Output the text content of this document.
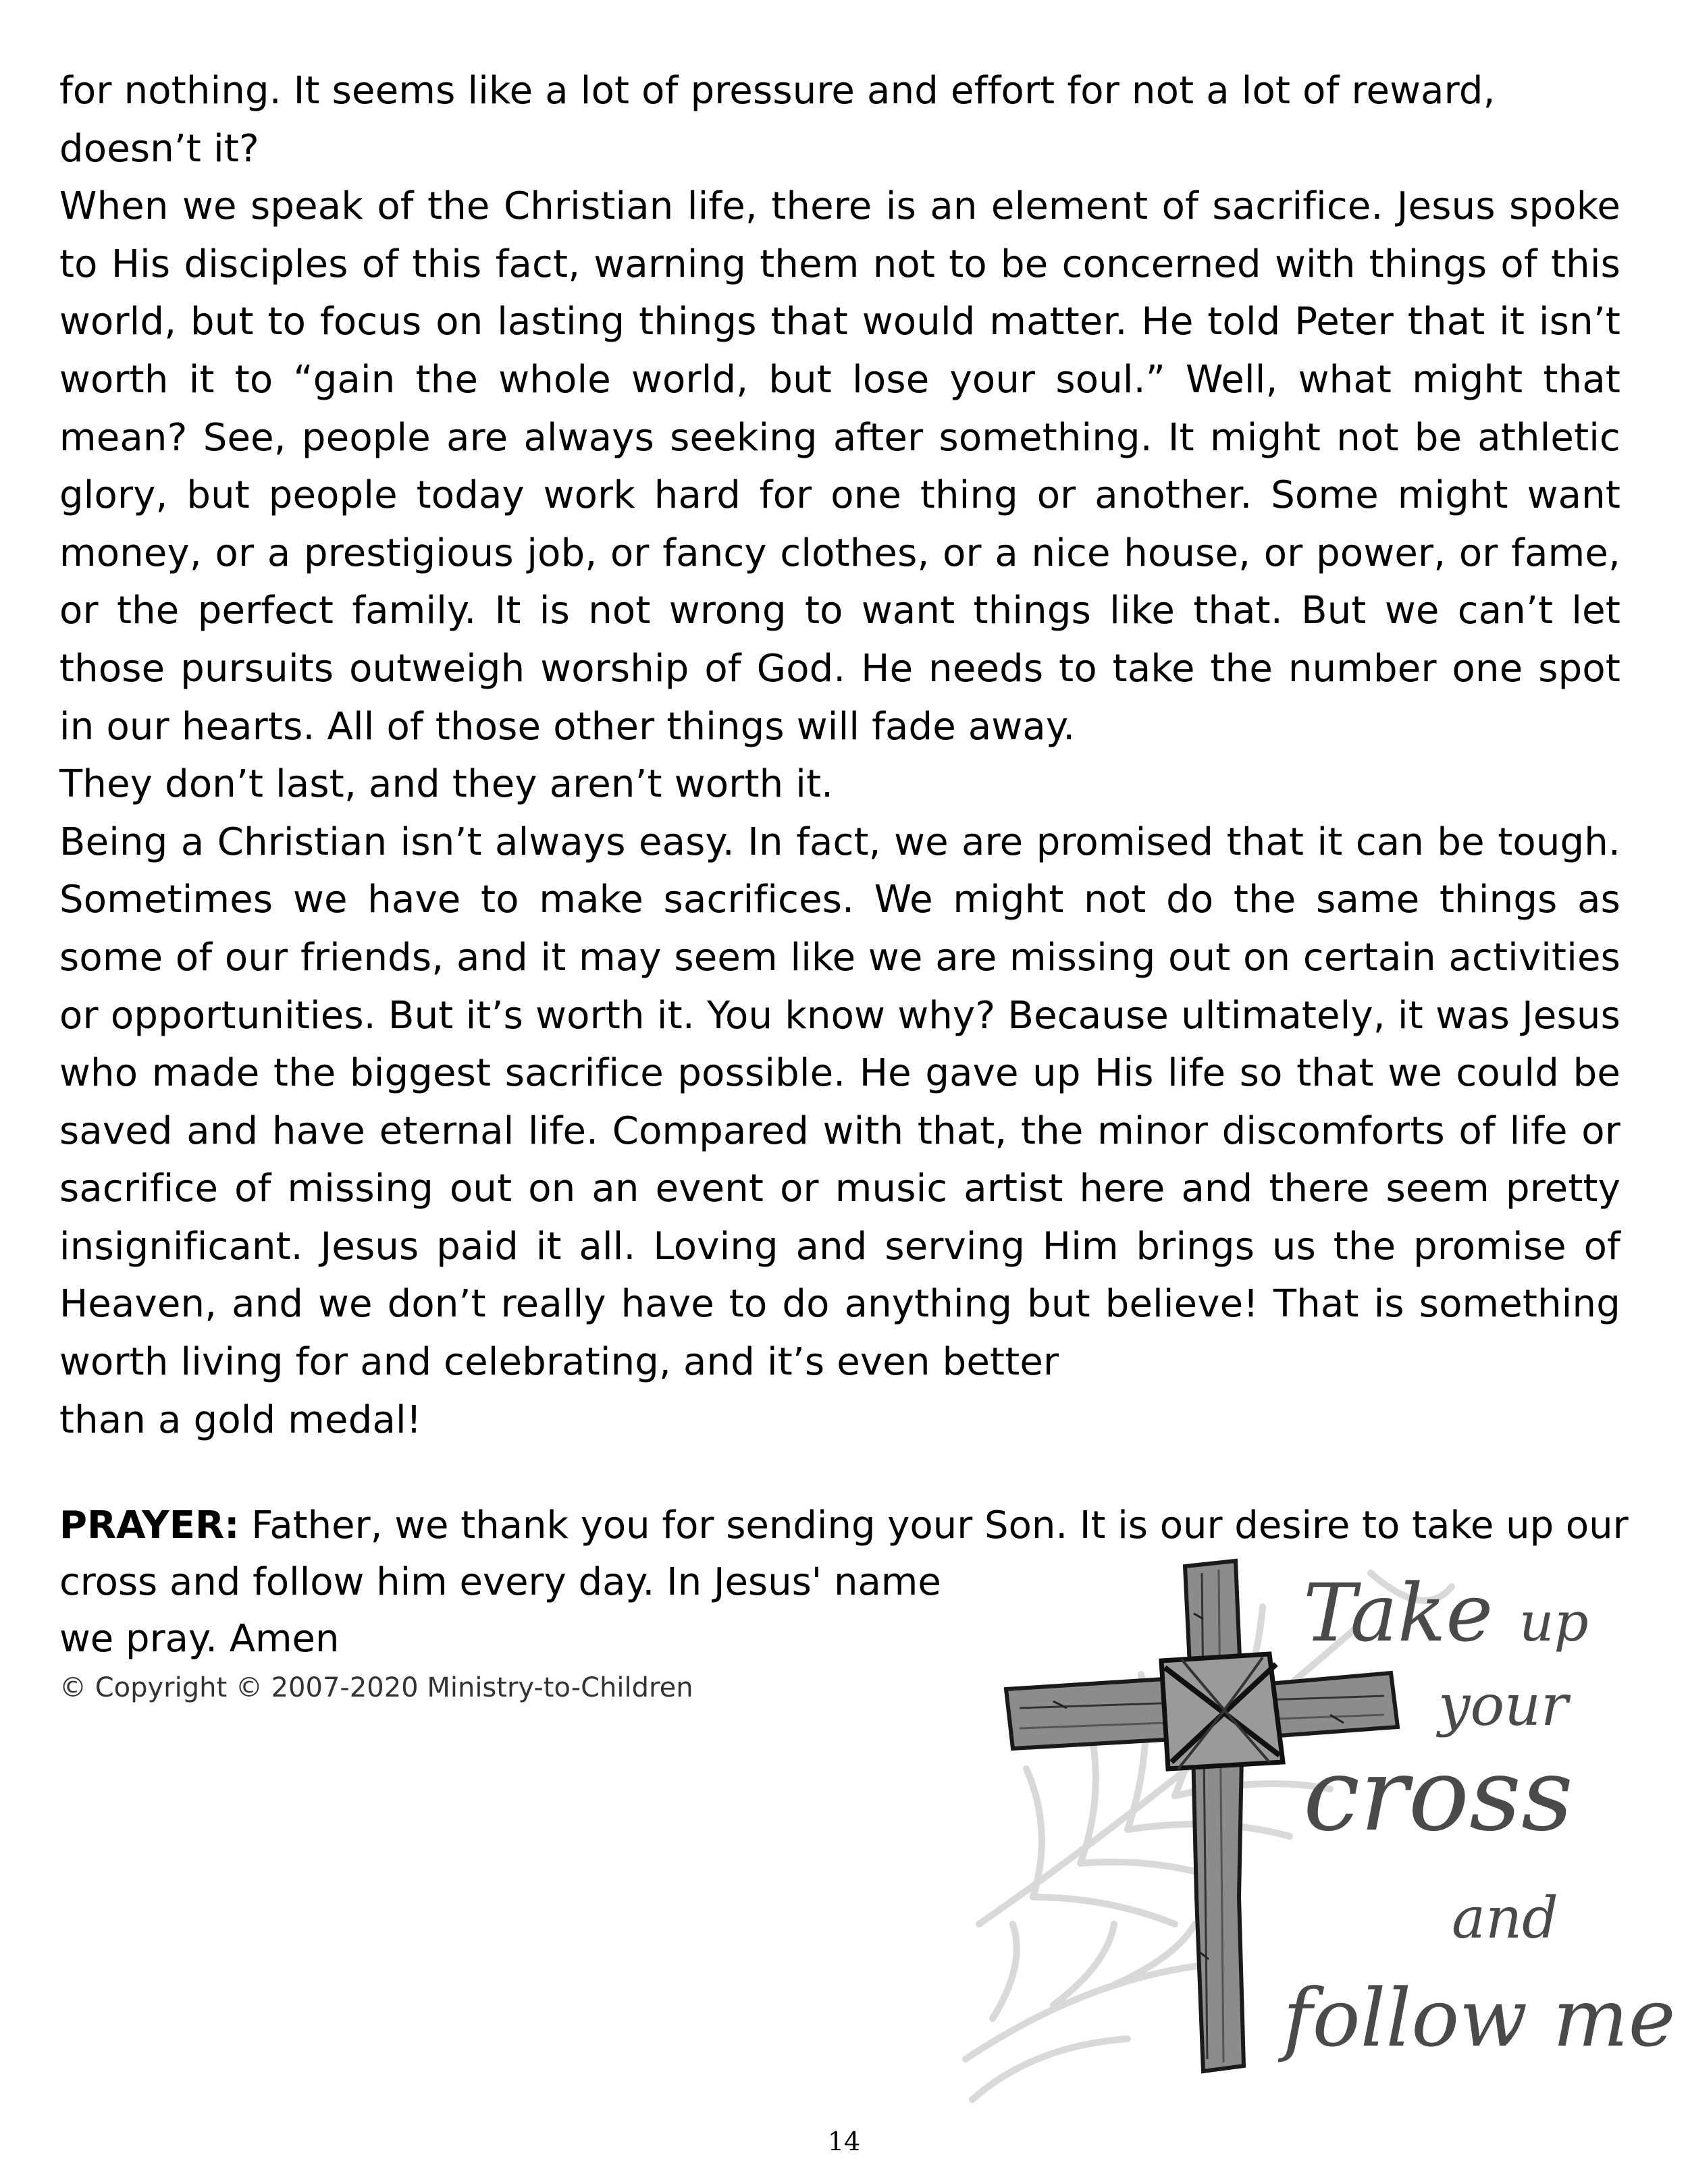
for nothing. It seems like a lot of pressure and effort for not a lot of reward,
doesn’t it?

When we speak of the Christian life, there is an element of sacrifice. Jesus spoke to His disciples of this fact, warning them not to be concerned with things of this world, but to focus on lasting things that would matter. He told Peter that it isn’t worth it to “gain the whole world, but lose your soul.” Well, what might that mean? See, people are always seeking after something. It might not be athletic glory, but people today work hard for one thing or another. Some might want money, or a prestigious job, or fancy clothes, or a nice house, or power, or fame, or the perfect family. It is not wrong to want things like that. But we can’t let those pursuits outweigh worship of God. He needs to take the number one spot in our hearts. All of those other things will fade away.
They don’t last, and they aren’t worth it.

Being a Christian isn’t always easy. In fact, we are promised that it can be tough. Sometimes we have to make sacrifices. We might not do the same things as some of our friends, and it may seem like we are missing out on certain activities or opportunities. But it’s worth it. You know why? Because ultimately, it was Jesus who made the biggest sacrifice possible. He gave up His life so that we could be saved and have eternal life. Compared with that, the minor discomforts of life or sacrifice of missing out on an event or music artist here and there seem pretty insignificant. Jesus paid it all. Loving and serving Him brings us the promise of Heaven, and we don’t really have to do anything but believe! That is something worth living for and celebrating, and it’s even better
than a gold medal!

PRAYER: Father, we thank you for sending your Son. It is our desire to take up our
cross and follow him every day. In Jesus' name
we pray. Amen
© Copyright © 2007-2020 Ministry-to-Children
Take up
your
cross
and
follow me
14
